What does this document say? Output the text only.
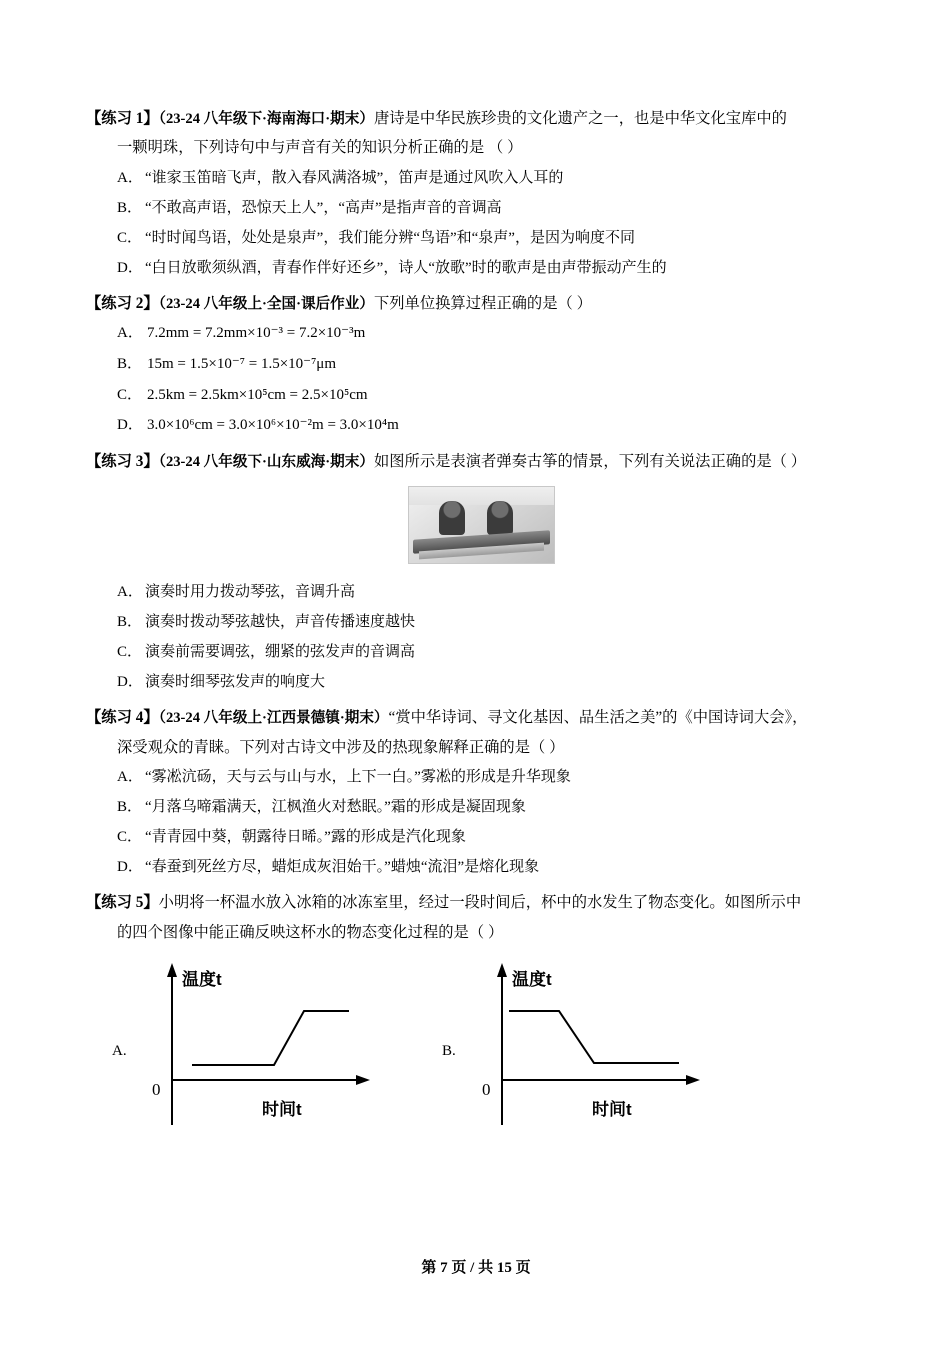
【练习 1】（23-24 八年级下·海南海口·期末）唐诗是中华民族珍贵的文化遗产之一，也是中华文化宝库中的
一颗明珠，下列诗句中与声音有关的知识分析正确的是 （ ）
A． “谁家玉笛暗飞声，散入春风满洛城”，笛声是通过风吹入人耳的
B． “不敢高声语，恐惊天上人”，“高声”是指声音的音调高
C． “时时闻鸟语，处处是泉声”，我们能分辨“鸟语”和“泉声”，是因为响度不同
D． “白日放歌须纵酒，青春作伴好还乡”，诗人“放歌”时的歌声是由声带振动产生的
【练习 2】（23-24 八年级上·全国·课后作业）下列单位换算过程正确的是（ ）
A． 7.2mm = 7.2mm×10⁻³ = 7.2×10⁻³m
B． 15m = 1.5×10⁻⁷ = 1.5×10⁻⁷μm
C． 2.5km = 2.5km×10⁵cm = 2.5×10⁵cm
D． 3.0×10⁶cm = 3.0×10⁶×10⁻²m = 3.0×10⁴m
【练习 3】（23-24 八年级下·山东威海·期末）如图所示是表演者弹奏古筝的情景，下列有关说法正确的是（ ）
A． 演奏时用力拨动琴弦，音调升高
B． 演奏时拨动琴弦越快，声音传播速度越快
C． 演奏前需要调弦，绷紧的弦发声的音调高
D． 演奏时细琴弦发声的响度大
【练习 4】（23-24 八年级上·江西景德镇·期末）“赏中华诗词、寻文化基因、品生活之美”的《中国诗词大会》，
深受观众的青睐。下列对古诗文中涉及的热现象解释正确的是（ ）
A． “雾凇沆砀，天与云与山与水，上下一白。”雾凇的形成是升华现象
B． “月落乌啼霜满天，江枫渔火对愁眠。”霜的形成是凝固现象
C． “青青园中葵，朝露待日晞。”露的形成是汽化现象
D． “春蚕到死丝方尽，蜡炬成灰泪始干。”蜡烛“流泪”是熔化现象
【练习 5】小明将一杯温水放入冰箱的冰冻室里，经过一段时间后，杯中的水发生了物态变化。如图所示中
的四个图像中能正确反映这杯水的物态变化过程的是（ ）
A.
温度t
时间t
0
B.
温度t
时间t
0
第 7 页 / 共 15 页
